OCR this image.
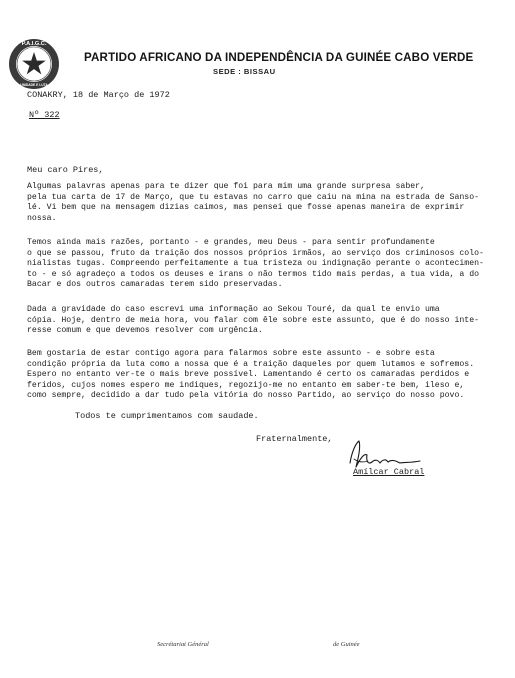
P.A.I.G.C.
UNIDADE E LUTA
PARTIDO AFRICANO DA INDEPENDÊNCIA DA GUINÉE CABO VERDE
SEDE : BISSAU
CONAKRY, 18 de Março de 1972
Nº 322
Meu caro Pires,
Algumas palavras apenas para te dizer que foi para mim uma grande surpresa saber,
pela tua carta de 17 de Março, que tu estavas no carro que caiu na mina na estrada de Sanso-
lé. Vi bem que na mensagem dizias caimos, mas pensei que fosse apenas maneira de exprimir
nossa.
Temos ainda mais razões, portanto - e grandes, meu Deus - para sentir profundamente
o que se passou, fruto da traição dos nossos próprios irmãos, ao serviço dos criminosos colo-
nialistas tugas. Compreendo perfeitamente a tua tristeza ou indignação perante o acontecimen-
to - e só agradeço a todos os deuses e irans o não termos tido mais perdas, a tua vida, a do
Bacar e dos outros camaradas terem sido preservadas.
Dada a gravidade do caso escrevi uma informação ao Sekou Touré, da qual te envio uma
cópia. Hoje, dentro de meia hora, vou falar com êle sobre este assunto, que é do nosso inte-
resse comum e que devemos resolver com urgência.
Bem gostaria de estar contigo agora para falarmos sobre este assunto - e sobre esta
condição própria da luta como a nossa que é a traição daqueles por quem lutamos e sofremos.
Espero no entanto ver-te o mais breve possível. Lamentando é certo os camaradas perdidos e
feridos, cujos nomes espero me indiques, regozijo-me no entanto em saber-te bem, ileso e,
como sempre, decidido a dar tudo pela vitória do nosso Partido, ao serviço do nosso povo.
Todos te cumprimentamos com saudade.
Fraternalmente,
Amílcar Cabral
Secrétariat Général	de Guinée
